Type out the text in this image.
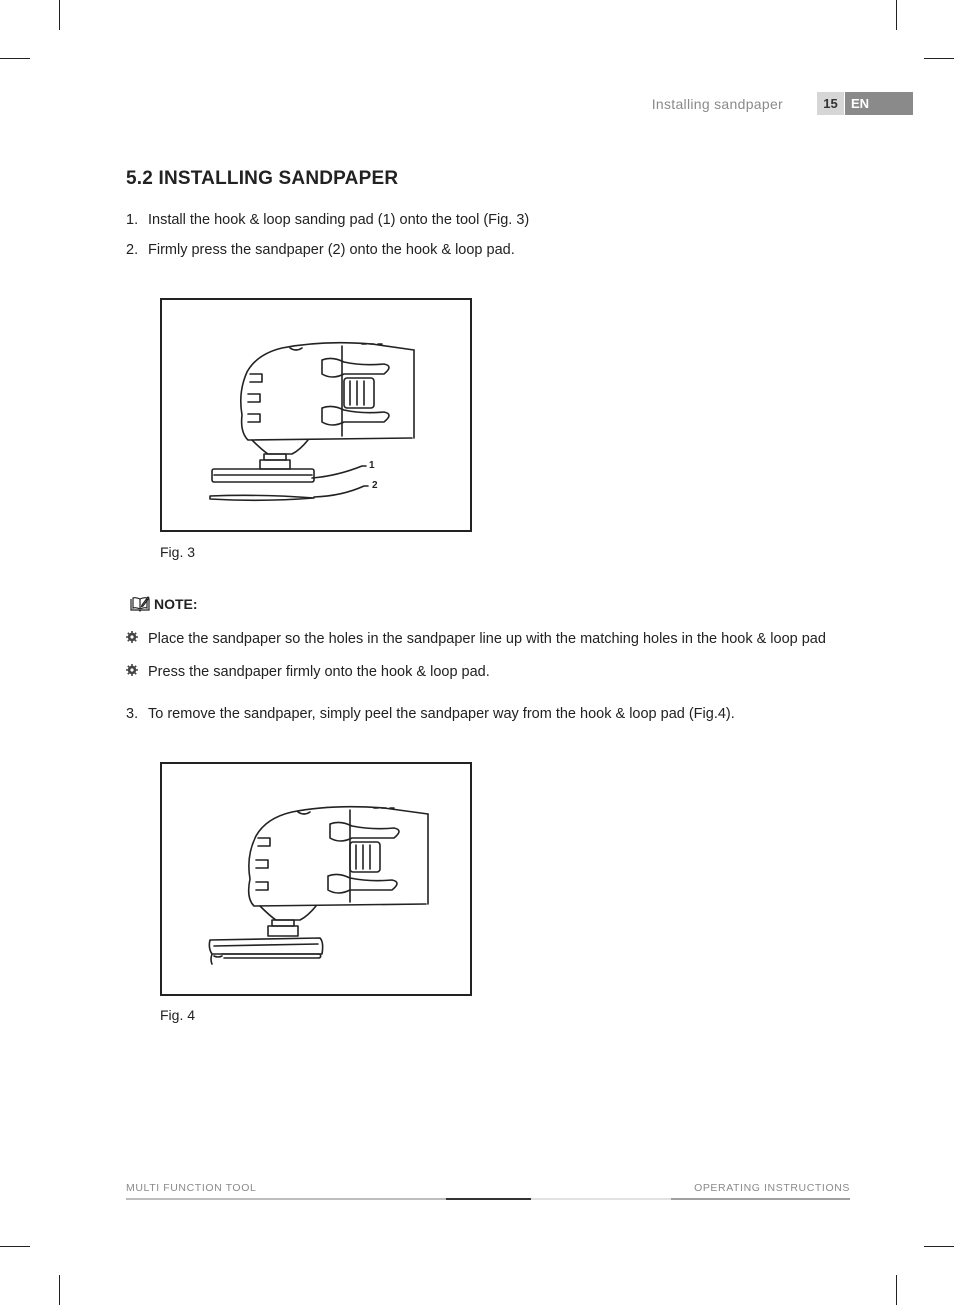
Installing sandpaper	15	EN
5.2 INSTALLING SANDPAPER
1. Install the hook & loop sanding pad (1) onto the tool (Fig. 3)
2. Firmly press the sandpaper (2) onto the hook & loop pad.
1
2
Fig. 3
NOTE:
Place the sandpaper so the holes in the sandpaper line up with the matching holes in the hook & loop pad
Press the sandpaper firmly onto the hook & loop pad.
3. To remove the sandpaper, simply peel the sandpaper way from the hook & loop pad (Fig.4).
Fig. 4
MULTI FUNCTION TOOL	OPERATING INSTRUCTIONS
